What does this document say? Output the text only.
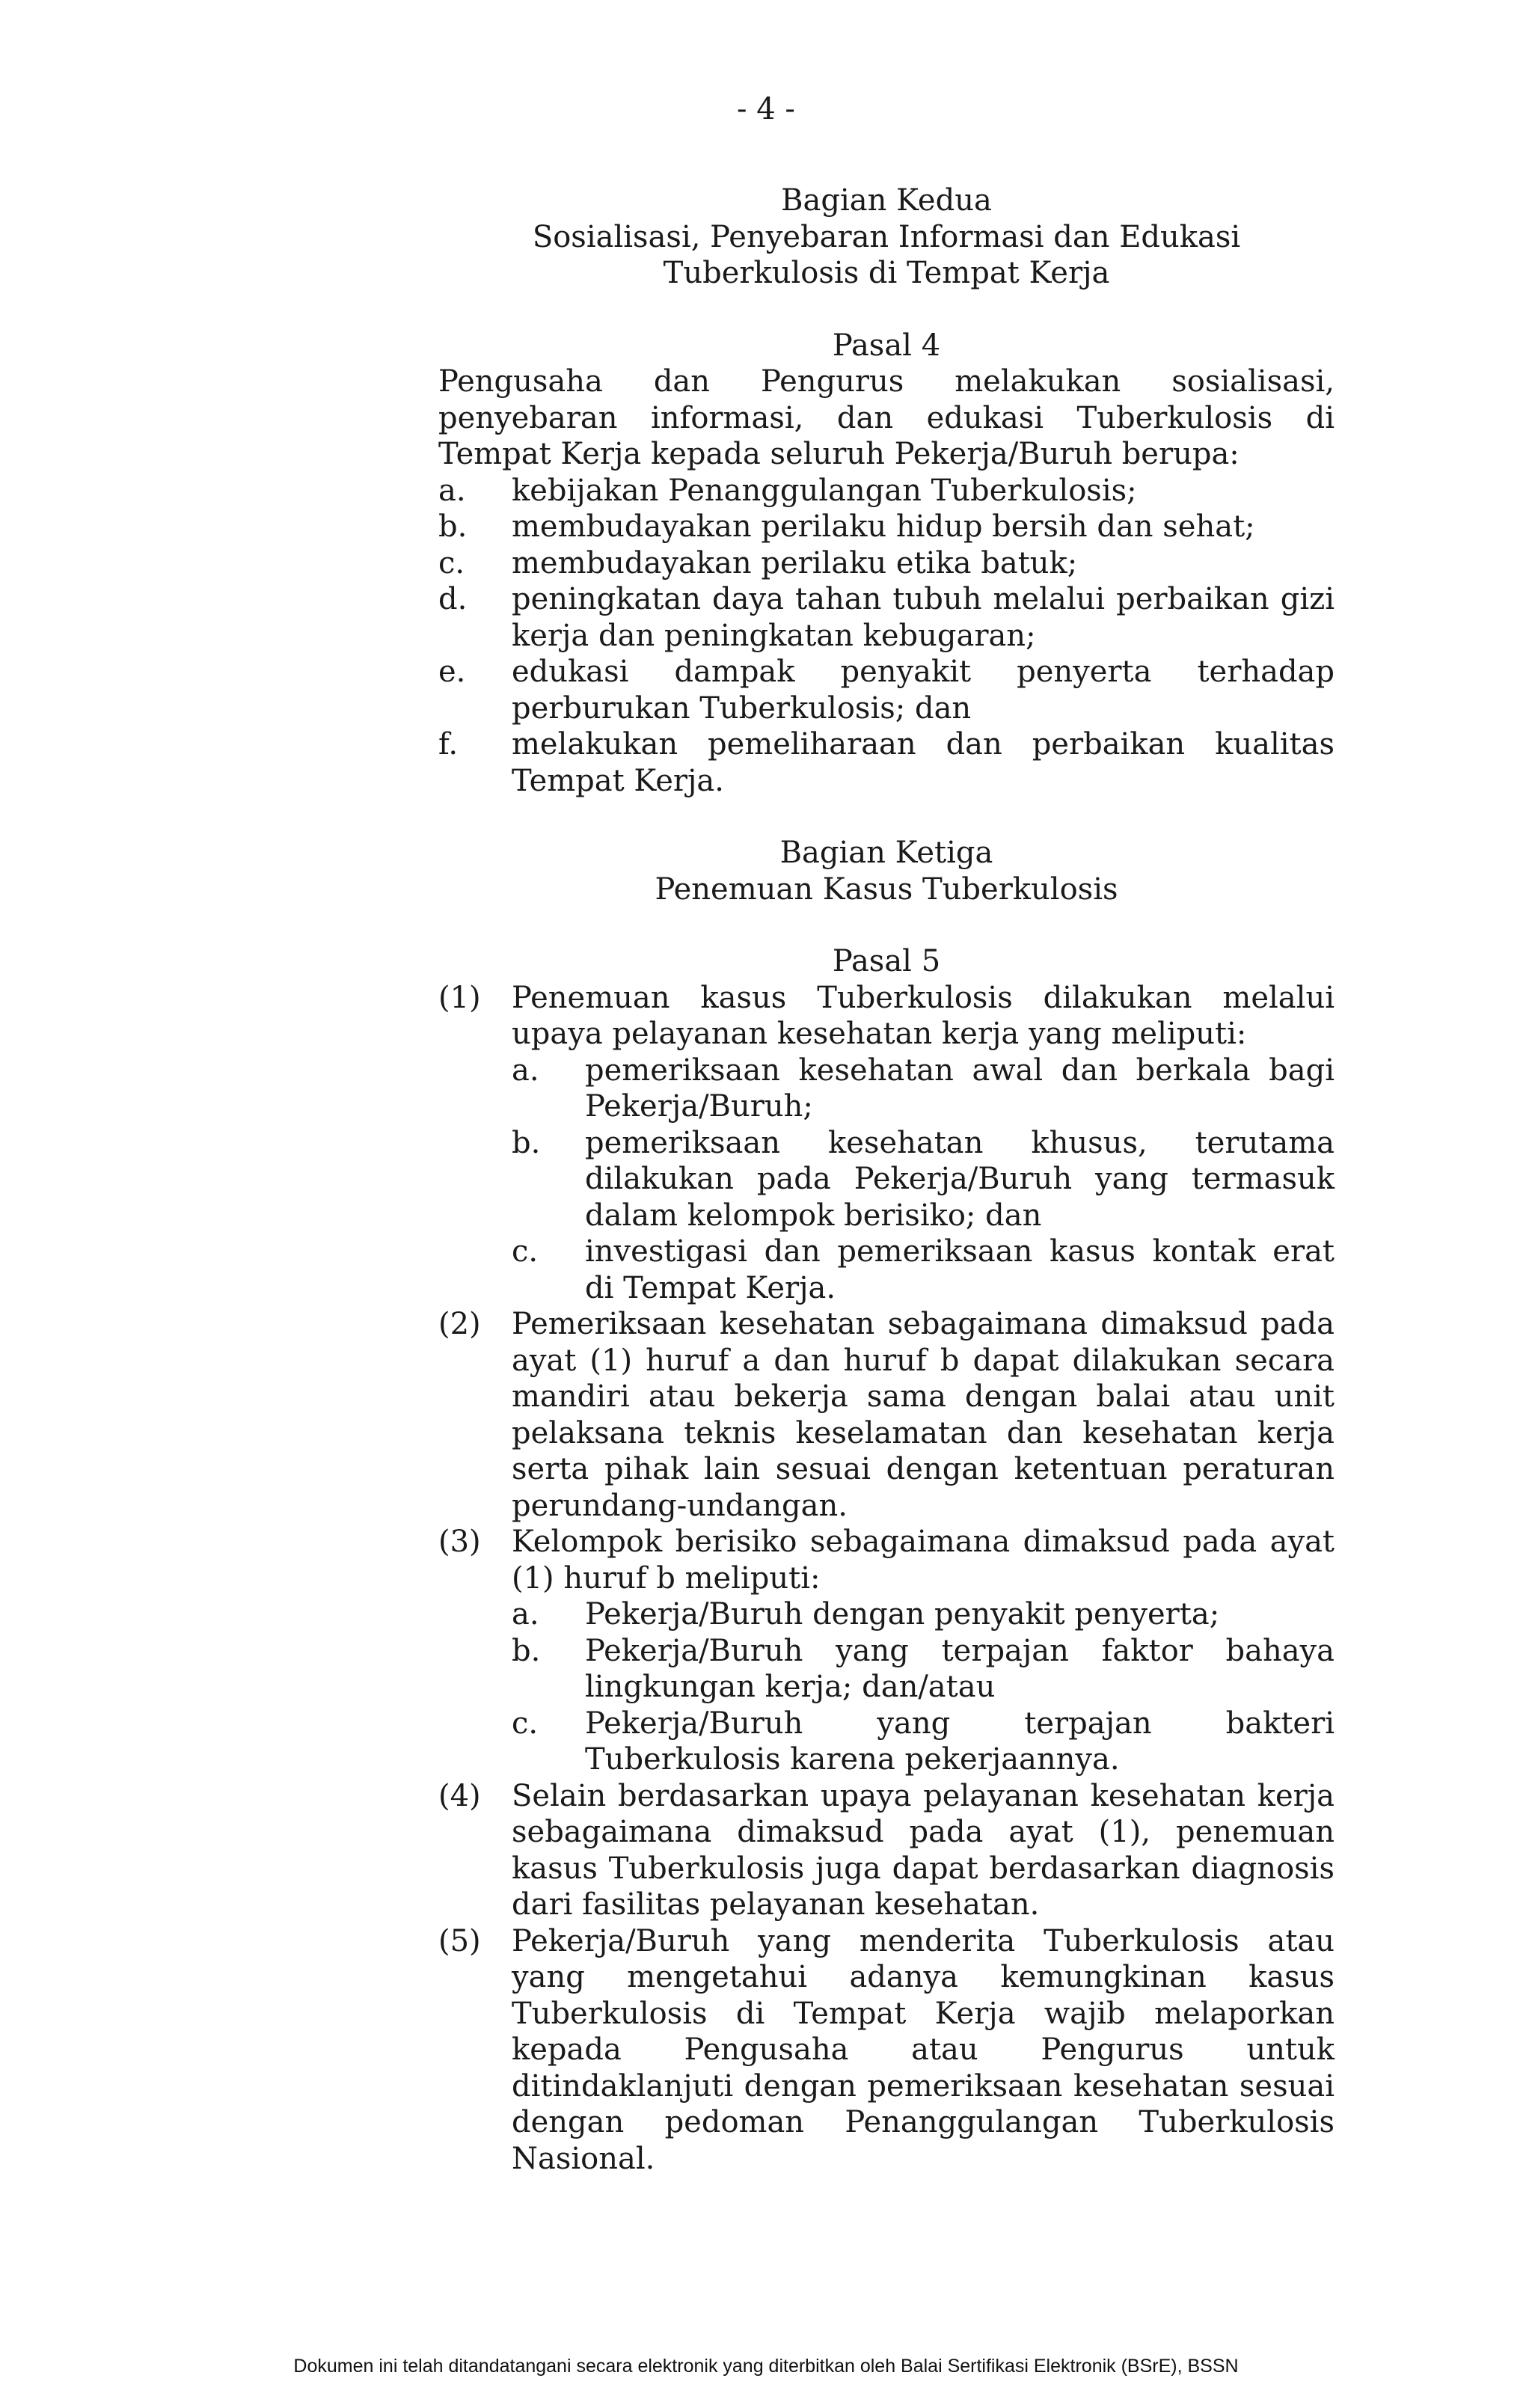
- 4 -
Bagian Kedua
Sosialisasi, Penyebaran Informasi dan Edukasi
Tuberkulosis di Tempat Kerja
Pasal 4
Pengusaha dan Pengurus melakukan sosialisasi, penyebaran informasi, dan edukasi Tuberkulosis di Tempat Kerja kepada seluruh Pekerja/Buruh berupa:
a.	kebijakan Penanggulangan Tuberkulosis;
b.	membudayakan perilaku hidup bersih dan sehat;
c.	membudayakan perilaku etika batuk;
d.	peningkatan daya tahan tubuh melalui perbaikan gizi kerja dan peningkatan kebugaran;
e.	edukasi dampak penyakit penyerta terhadap perburukan Tuberkulosis; dan
f.	melakukan pemeliharaan dan perbaikan kualitas Tempat Kerja.
Bagian Ketiga
Penemuan Kasus Tuberkulosis
Pasal 5
(1)	Penemuan kasus Tuberkulosis dilakukan melalui upaya pelayanan kesehatan kerja yang meliputi:
a.	pemeriksaan kesehatan awal dan berkala bagi Pekerja/Buruh;
b.	pemeriksaan kesehatan khusus, terutama dilakukan pada Pekerja/Buruh yang termasuk dalam kelompok berisiko; dan
c.	investigasi dan pemeriksaan kasus kontak erat di Tempat Kerja.
(2)	Pemeriksaan kesehatan sebagaimana dimaksud pada ayat (1) huruf a dan huruf b dapat dilakukan secara mandiri atau bekerja sama dengan balai atau unit pelaksana teknis keselamatan dan kesehatan kerja serta pihak lain sesuai dengan ketentuan peraturan perundang-undangan.
(3)	Kelompok berisiko sebagaimana dimaksud pada ayat (1) huruf b meliputi:
a.	Pekerja/Buruh dengan penyakit penyerta;
b.	Pekerja/Buruh yang terpajan faktor bahaya lingkungan kerja; dan/atau
c.	Pekerja/Buruh yang terpajan bakteri Tuberkulosis karena pekerjaannya.
(4)	Selain berdasarkan upaya pelayanan kesehatan kerja sebagaimana dimaksud pada ayat (1), penemuan kasus Tuberkulosis juga dapat berdasarkan diagnosis dari fasilitas pelayanan kesehatan.
(5)	Pekerja/Buruh yang menderita Tuberkulosis atau yang mengetahui adanya kemungkinan kasus Tuberkulosis di Tempat Kerja wajib melaporkan kepada Pengusaha atau Pengurus untuk ditindaklanjuti dengan pemeriksaan kesehatan sesuai dengan pedoman Penanggulangan Tuberkulosis Nasional.
Dokumen ini telah ditandatangani secara elektronik yang diterbitkan oleh Balai Sertifikasi Elektronik (BSrE), BSSN
